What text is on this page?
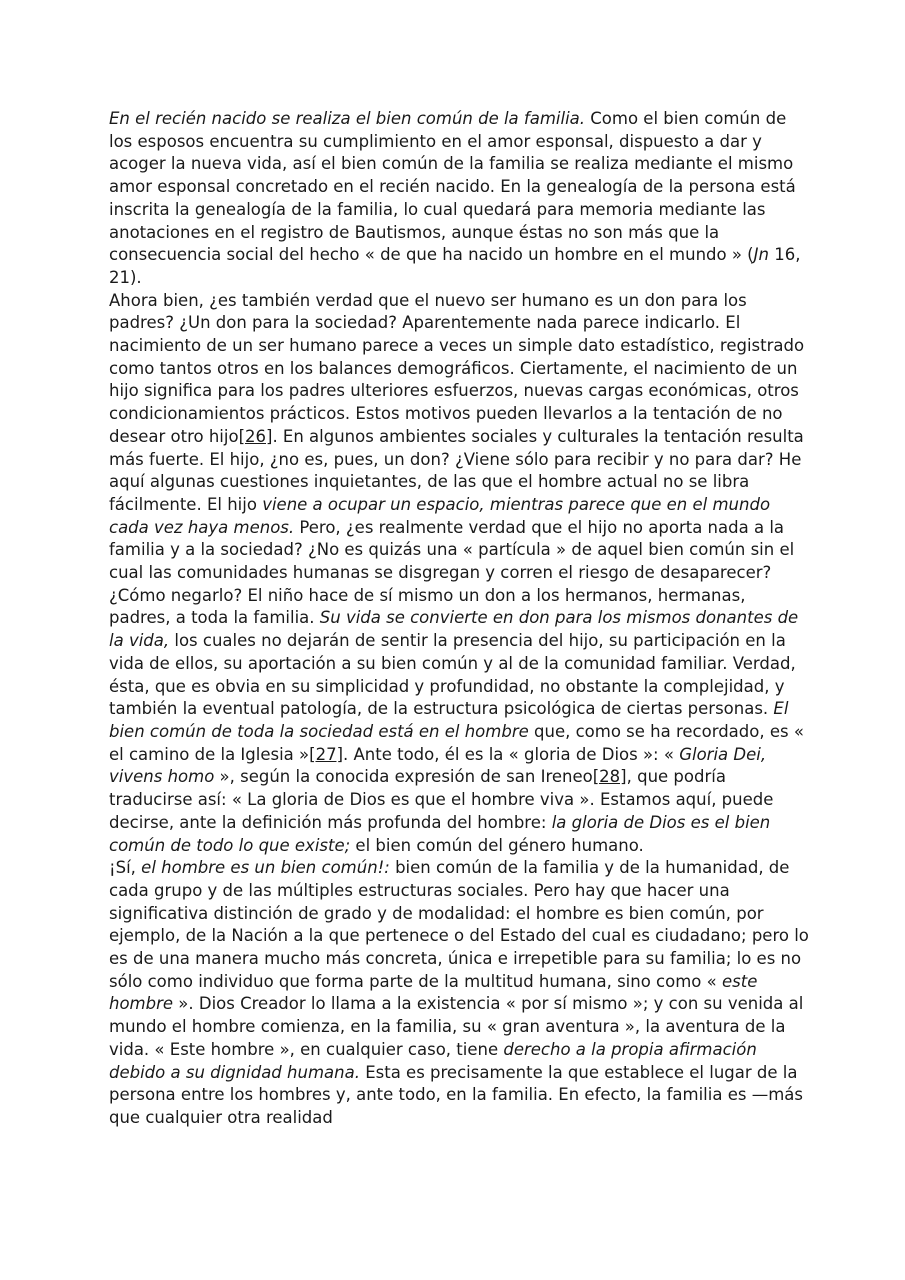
En el recién nacido se realiza el bien común de la familia. Como el bien común de los esposos encuentra su cumplimiento en el amor esponsal, dispuesto a dar y acoger la nueva vida, así el bien común de la familia se realiza mediante el mismo amor esponsal concretado en el recién nacido. En la genealogía de la persona está inscrita la genealogía de la familia, lo cual quedará para memoria mediante las anotaciones en el registro de Bautismos, aunque éstas no son más que la consecuencia social del hecho « de que ha nacido un hombre en el mundo » (Jn 16, 21).

Ahora bien, ¿es también verdad que el nuevo ser humano es un don para los padres? ¿Un don para la sociedad? Aparentemente nada parece indicarlo. El nacimiento de un ser humano parece a veces un simple dato estadístico, registrado como tantos otros en los balances demográficos. Ciertamente, el nacimiento de un hijo significa para los padres ulteriores esfuerzos, nuevas cargas económicas, otros condicionamientos prácticos. Estos motivos pueden llevarlos a la tentación de no desear otro hijo[26]. En algunos ambientes sociales y culturales la tentación resulta más fuerte. El hijo, ¿no es, pues, un don? ¿Viene sólo para recibir y no para dar? He aquí algunas cuestiones inquietantes, de las que el hombre actual no se libra fácilmente. El hijo viene a ocupar un espacio, mientras parece que en el mundo cada vez haya menos. Pero, ¿es realmente verdad que el hijo no aporta nada a la familia y a la sociedad? ¿No es quizás una « partícula » de aquel bien común sin el cual las comunidades humanas se disgregan y corren el riesgo de desaparecer? ¿Cómo negarlo? El niño hace de sí mismo un don a los hermanos, hermanas, padres, a toda la familia. Su vida se convierte en don para los mismos donantes de la vida, los cuales no dejarán de sentir la presencia del hijo, su participación en la vida de ellos, su aportación a su bien común y al de la comunidad familiar. Verdad, ésta, que es obvia en su simplicidad y profundidad, no obstante la complejidad, y también la eventual patología, de la estructura psicológica de ciertas personas. El bien común de toda la sociedad está en el hombre que, como se ha recordado, es « el camino de la Iglesia »[27]. Ante todo, él es la « gloria de Dios »: « Gloria Dei, vivens homo », según la conocida expresión de san Ireneo[28], que podría traducirse así: « La gloria de Dios es que el hombre viva ». Estamos aquí, puede decirse, ante la definición más profunda del hombre: la gloria de Dios es el bien común de todo lo que existe; el bien común del género humano.

¡Sí, el hombre es un bien común!: bien común de la familia y de la humanidad, de cada grupo y de las múltiples estructuras sociales. Pero hay que hacer una significativa distinción de grado y de modalidad: el hombre es bien común, por ejemplo, de la Nación a la que pertenece o del Estado del cual es ciudadano; pero lo es de una manera mucho más concreta, única e irrepetible para su familia; lo es no sólo como individuo que forma parte de la multitud humana, sino como « este hombre ». Dios Creador lo llama a la existencia « por sí mismo »; y con su venida al mundo el hombre comienza, en la familia, su « gran aventura », la aventura de la vida. « Este hombre », en cualquier caso, tiene derecho a la propia afirmación debido a su dignidad humana. Esta es precisamente la que establece el lugar de la persona entre los hombres y, ante todo, en la familia. En efecto, la familia es —más que cualquier otra realidad
